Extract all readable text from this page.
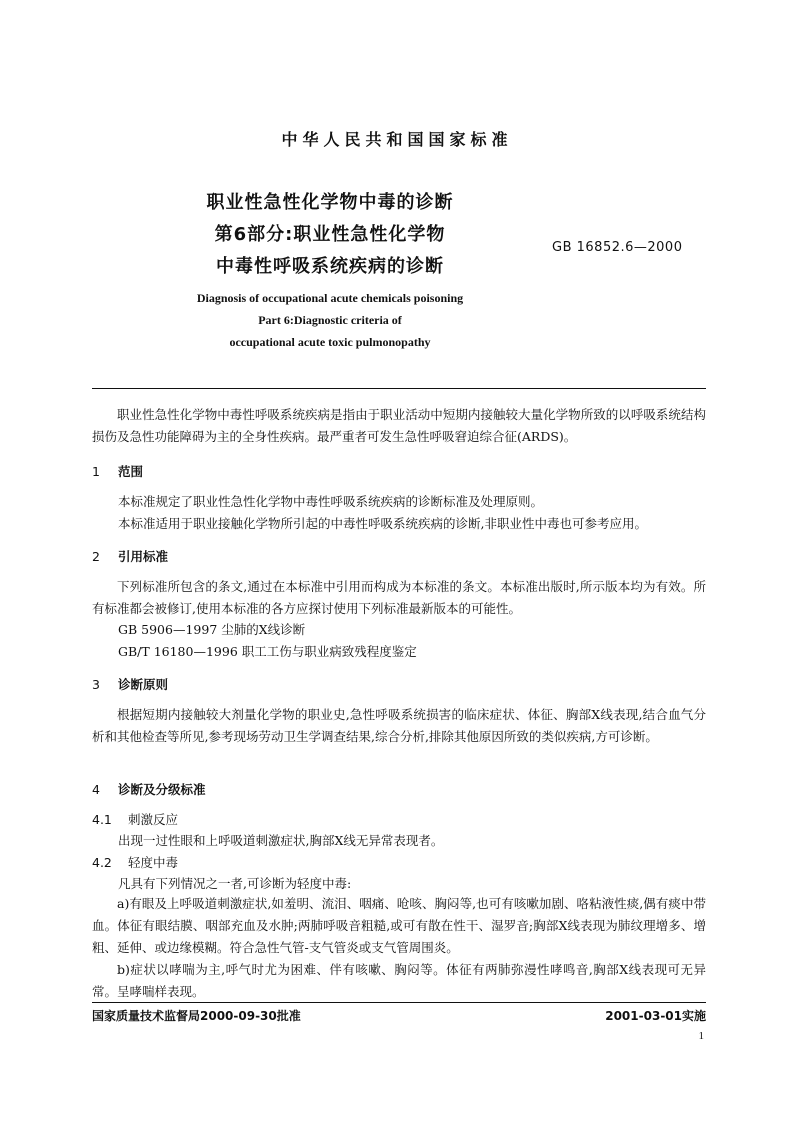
中华人民共和国国家标准
职业性急性化学物中毒的诊断
第6部分:职业性急性化学物
中毒性呼吸系统疾病的诊断
GB 16852.6—2000
Diagnosis of occupational acute chemicals poisoning
Part 6:Diagnostic criteria of
occupational acute toxic pulmonopathy
职业性急性化学物中毒性呼吸系统疾病是指由于职业活动中短期内接触较大量化学物所致的以呼吸系统结构损伤及急性功能障碍为主的全身性疾病。最严重者可发生急性呼吸窘迫综合征(ARDS)。
1 范围
本标准规定了职业性急性化学物中毒性呼吸系统疾病的诊断标准及处理原则。
本标准适用于职业接触化学物所引起的中毒性呼吸系统疾病的诊断,非职业性中毒也可参考应用。
2 引用标准
下列标准所包含的条文,通过在本标准中引用而构成为本标准的条文。本标准出版时,所示版本均为有效。所有标准都会被修订,使用本标准的各方应探讨使用下列标准最新版本的可能性。
GB 5906—1997 尘肺的X线诊断
GB/T 16180—1996 职工工伤与职业病致残程度鉴定
3 诊断原则
根据短期内接触较大剂量化学物的职业史,急性呼吸系统损害的临床症状、体征、胸部X线表现,结合血气分析和其他检查等所见,参考现场劳动卫生学调查结果,综合分析,排除其他原因所致的类似疾病,方可诊断。
4 诊断及分级标准
4.1 刺激反应
出现一过性眼和上呼吸道刺激症状,胸部X线无异常表现者。
4.2 轻度中毒
凡具有下列情况之一者,可诊断为轻度中毒:
a)有眼及上呼吸道刺激症状,如羞明、流泪、咽痛、呛咳、胸闷等,也可有咳嗽加剧、咯粘液性痰,偶有痰中带血。体征有眼结膜、咽部充血及水肿;两肺呼吸音粗糙,或可有散在性干、湿罗音;胸部X线表现为肺纹理增多、增粗、延伸、或边缘模糊。符合急性气管-支气管炎或支气管周围炎。
b)症状以哮喘为主,呼气时尤为困难、伴有咳嗽、胸闷等。体征有两肺弥漫性哮鸣音,胸部X线表现可无异常。呈哮喘样表现。
国家质量技术监督局2000-09-30批准	2001-03-01实施
1
